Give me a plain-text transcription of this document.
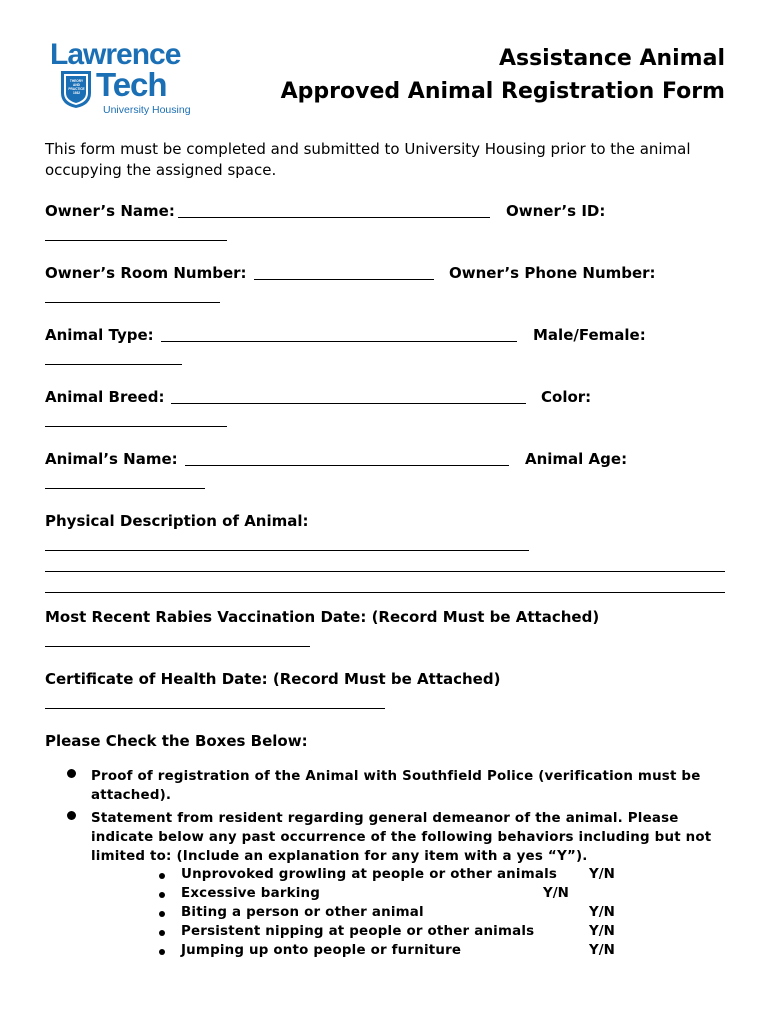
Lawrence
THEORY AND PRACTICE 1932 Tech
University Housing
Assistance Animal
Approved Animal Registration Form
This form must be completed and submitted to University Housing prior to the animal occupying the assigned space.
Owner’s Name:	Owner’s ID:
Owner’s Room Number:	Owner’s Phone Number:
Animal Type:	Male/Female:
Animal Breed:	Color:
Animal’s Name:	Animal Age:
Physical Description of Animal:
Most Recent Rabies Vaccination Date: (Record Must be Attached)
Certificate of Health Date: (Record Must be Attached)
Please Check the Boxes Below:
Proof of registration of the Animal with Southfield Police (verification must be attached).
Statement from resident regarding general demeanor of the animal. Please indicate below any past occurrence of the following behaviors including but not limited to: (Include an explanation for any item with a yes “Y”).
Unprovoked growling at people or other animals Y/N
Excessive barking	Y/N
Biting a person or other animal	Y/N
Persistent nipping at people or other animals	Y/N
Jumping up onto people or furniture	Y/N
